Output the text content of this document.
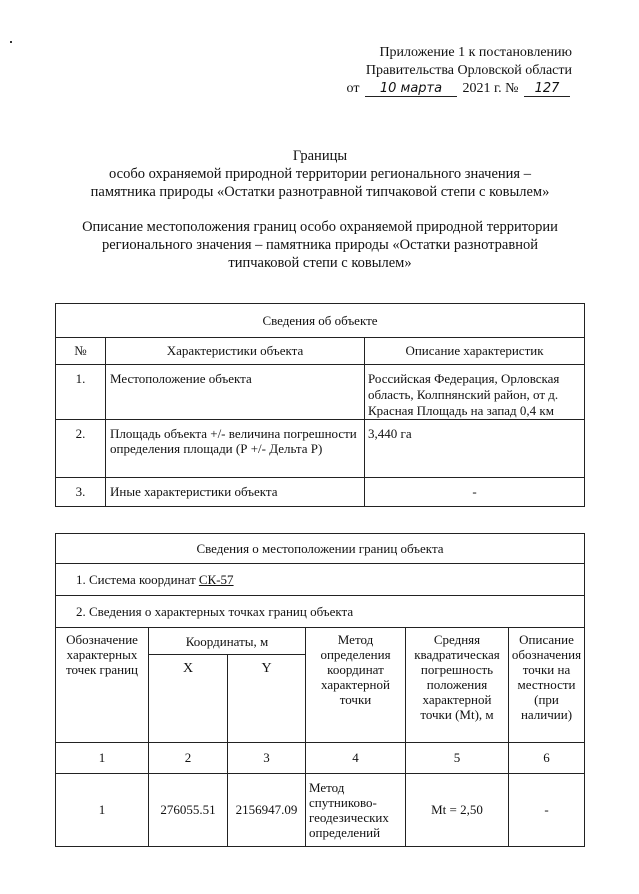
Приложение 1 к постановлению
Правительства Орловской области
от 10 марта 2021 г. № 127
Границы
особо охраняемой природной территории регионального значения –
памятника природы «Остатки разнотравной типчаковой степи с ковылем»
Описание местоположения границ особо охраняемой природной территории
регионального значения – памятника природы «Остатки разнотравной
типчаковой степи с ковылем»
Сведения об объекте		
№	Характеристики объекта	Описание характеристик
1.	Местоположение объекта	Российская Федерация, Орловская область, Колпнянский район, от д. Красная Площадь на запад 0,4 км
2.	Площадь объекта +/- величина погрешности определения площади (Р +/- Дельта Р)	3,440 га
3.	Иные характеристики объекта	-
Сведения о местоположении границ объекта					
1. Система координат СК-57					
2. Сведения о характерных точках границ объекта					
Обозначение характерных точек границ	Координаты, м		Метод определения координат характерной точки	Средняя квадратическая погрешность положения характерной точки (Mt), м	Описание обозначения точки на местности (при наличии)
	X	Y			
1	2	3	4	5	6
1	276055.51	2156947.09	Метод спутниково-геодезических определений	Mt = 2,50	-
